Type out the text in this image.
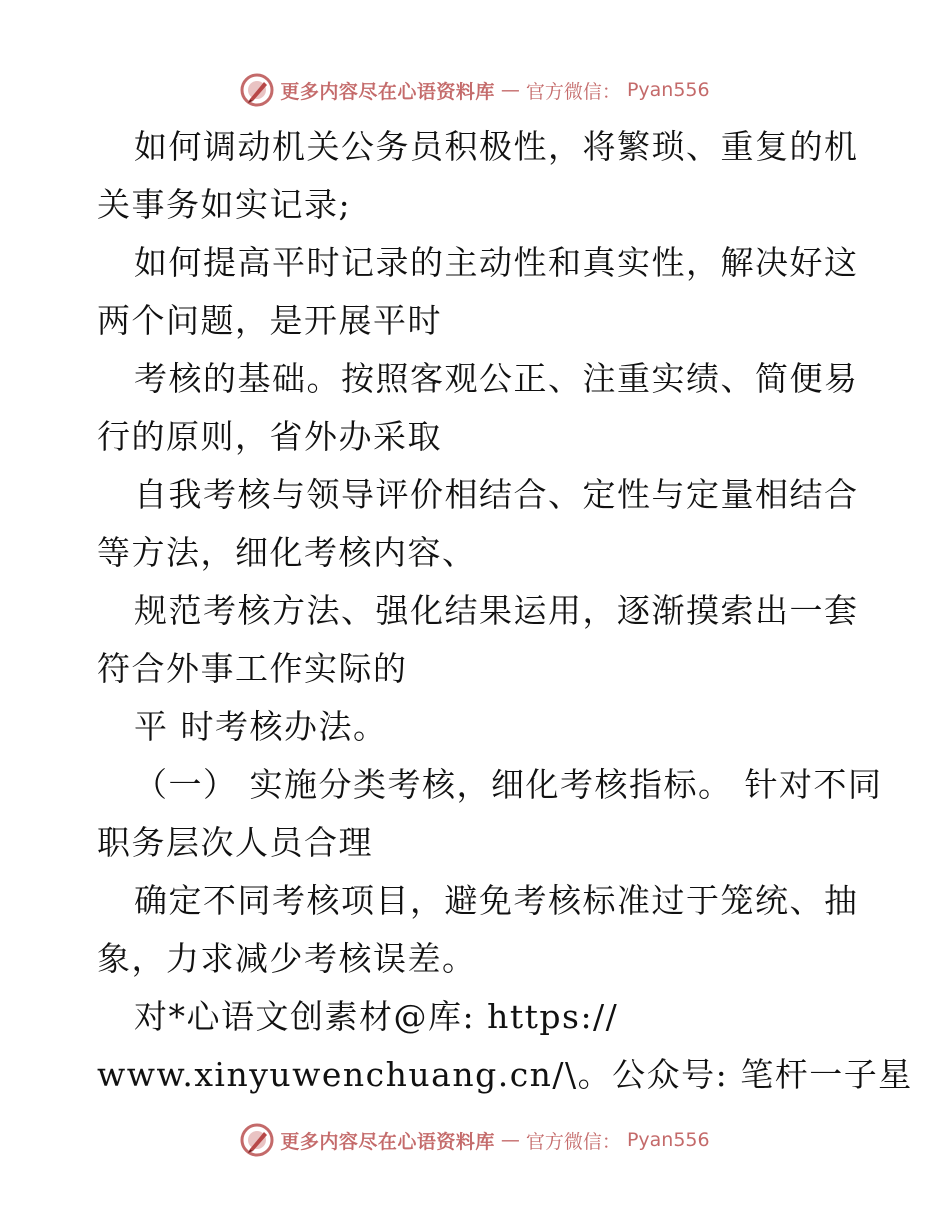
更多内容尽在心语资料库 — 官方微信： Pyan556
如何调动机关公务员积极性，将繁琐、重复的机
关事务如实记录;
如何提高平时记录的主动性和真实性，解决好这
两个问题，是开展平时
考核的基础。按照客观公正、注重实绩、简便易
行的原则，省外办采取
自我考核与领导评价相结合、定性与定量相结合
等方法，细化考核内容、
规范考核方法、强化结果运用，逐渐摸索出一套
符合外事工作实际的
平 时考核办法。
（一） 实施分类考核，细化考核指标。 针对不同
职务层次人员合理
确定不同考核项目，避免考核标准过于笼统、抽
象，力求减少考核误差。
对*心语文创素材@库: https://
www.xinyuwenchuang.cn/\。公众号: 笔杆一子星
更多内容尽在心语资料库 — 官方微信： Pyan556
